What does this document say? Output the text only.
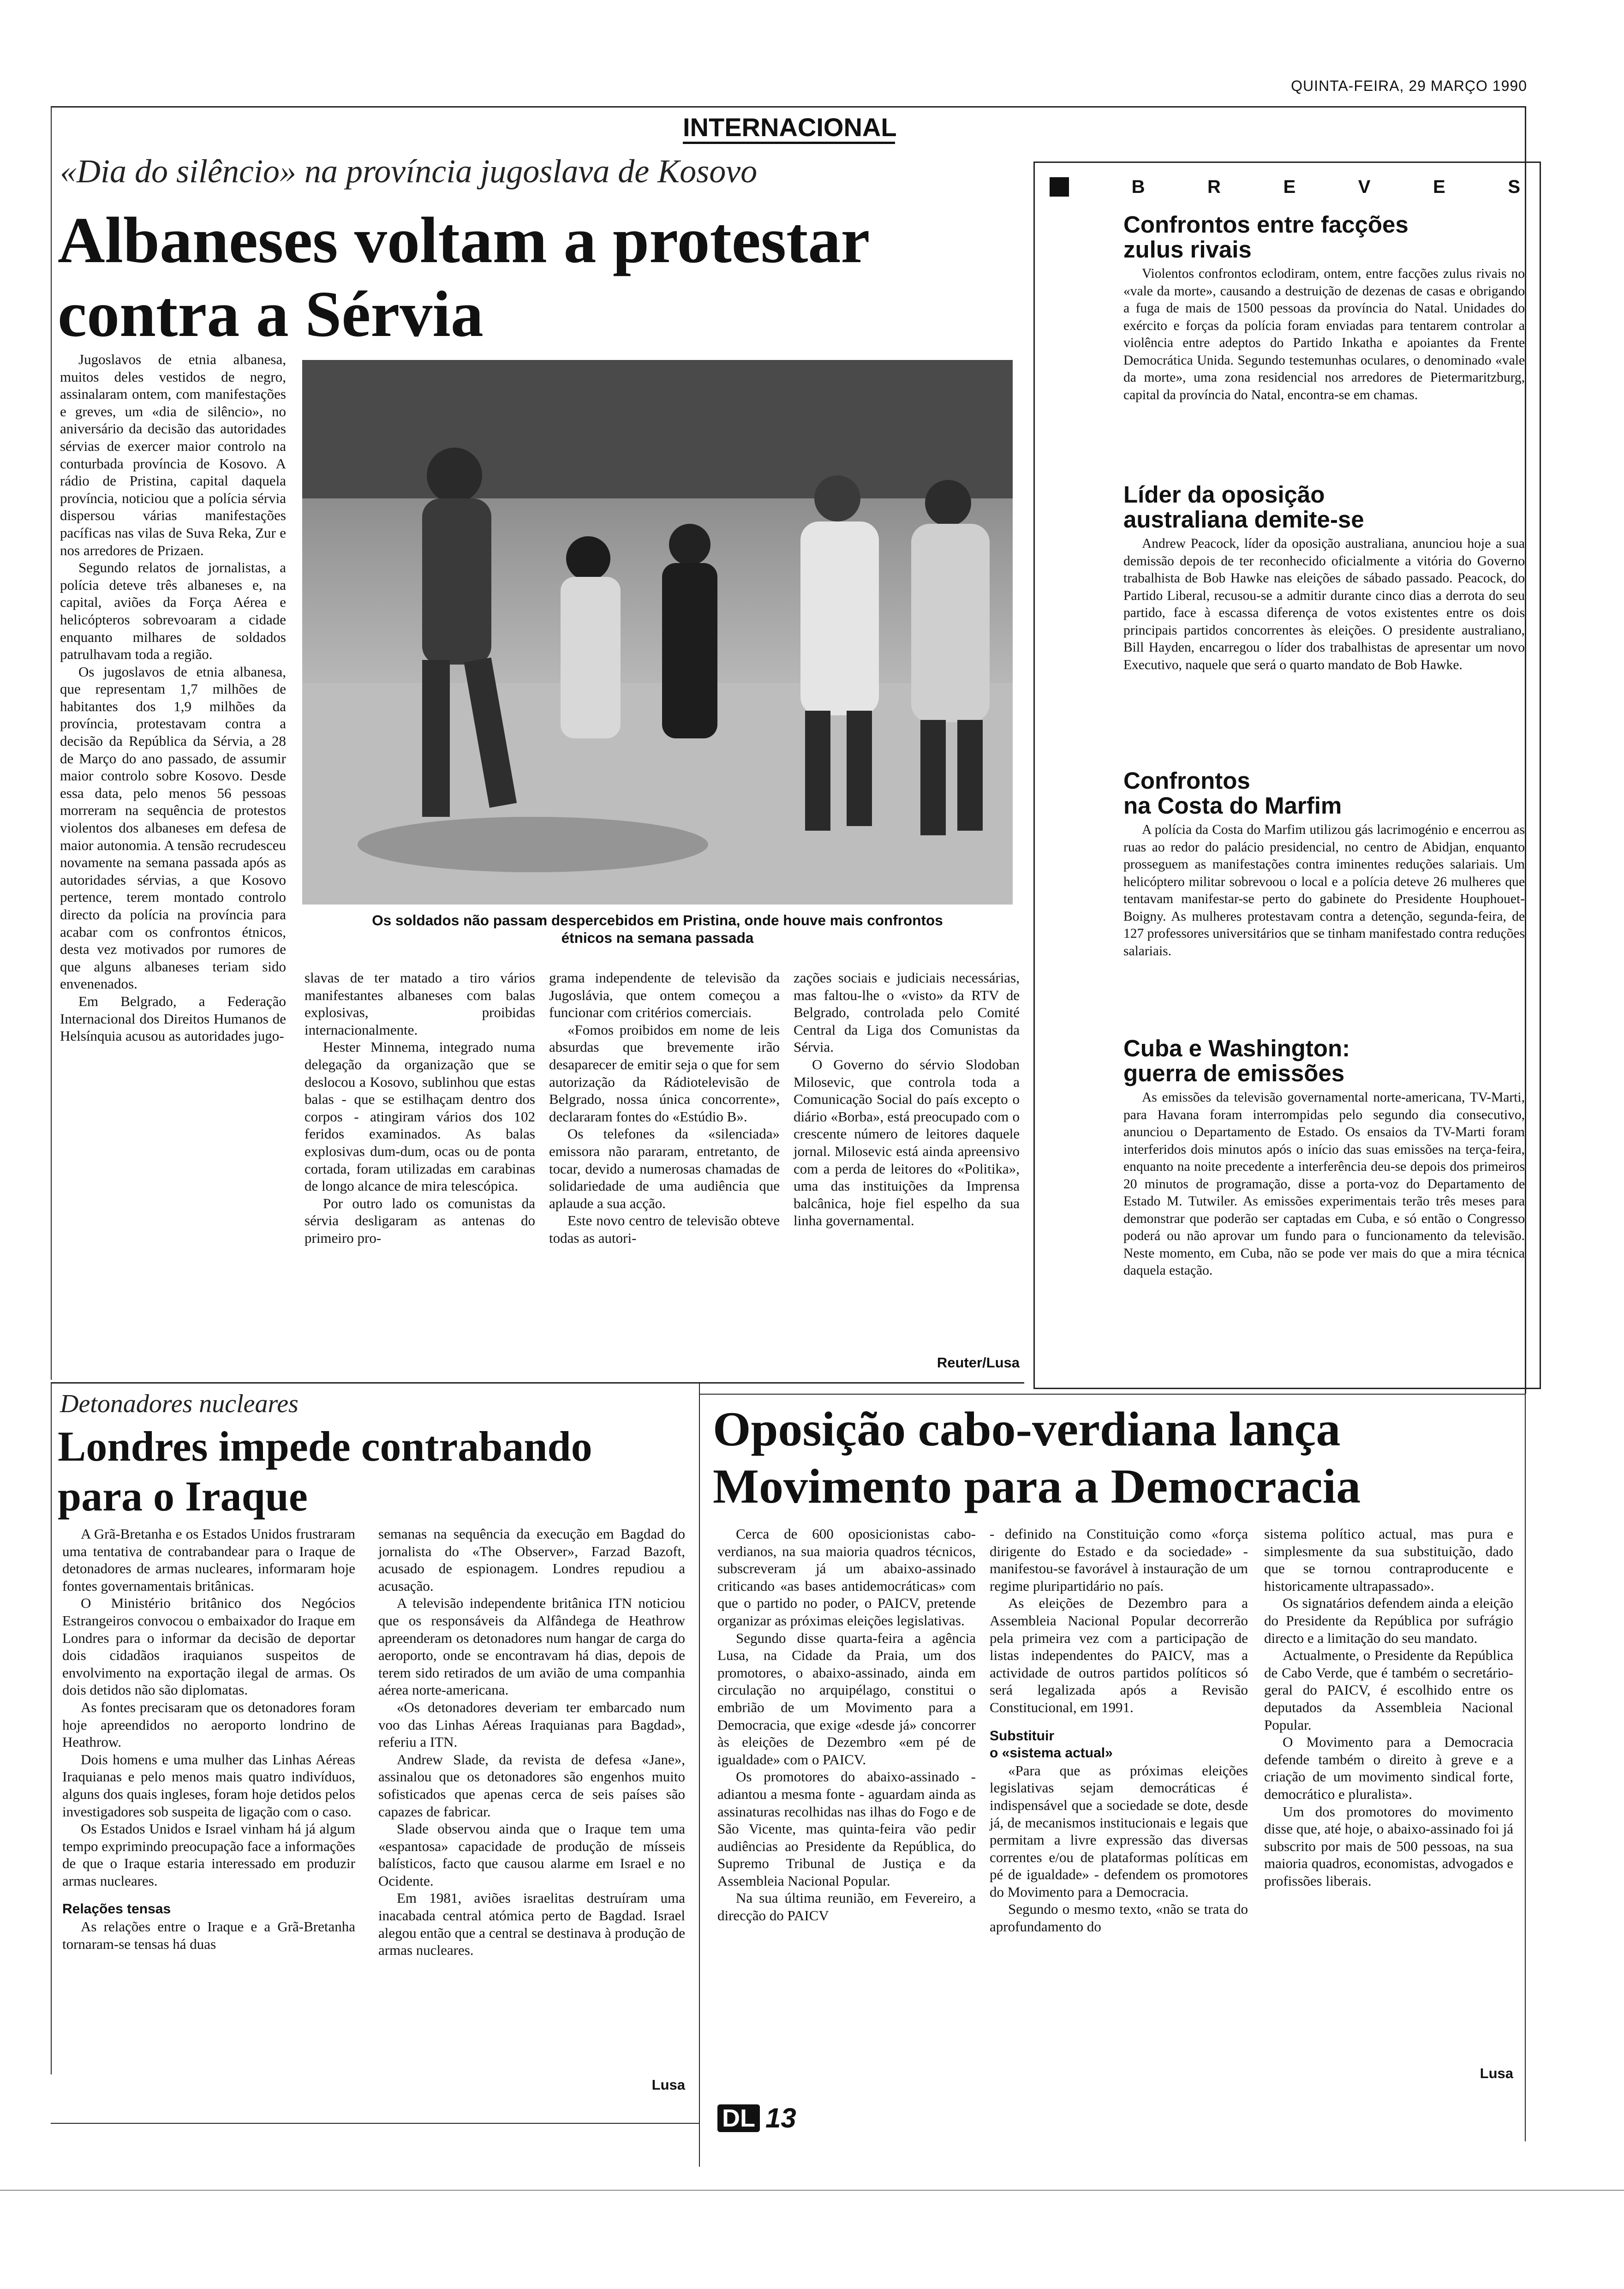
QUINTA-FEIRA, 29 MARÇO 1990
INTERNACIONAL
«Dia do silêncio» na província jugoslava de Kosovo
Albaneses voltam a protestar
contra a Sérvia
Os soldados não passam despercebidos em Pristina, onde houve mais confrontos
étnicos na semana passada

Jugoslavos de etnia albanesa, muitos deles vestidos de negro, assinalaram ontem, com manifestações e greves, um «dia de silêncio», no aniversário da decisão das autoridades sérvias de exercer maior controlo na conturbada província de Kosovo. A rádio de Pristina, capital daquela província, noticiou que a polícia sérvia dispersou várias manifestações pacíficas nas vilas de Suva Reka, Zur e nos arredores de Prizaen.

Segundo relatos de jornalistas, a polícia deteve três albaneses e, na capital, aviões da Força Aérea e helicópteros sobrevoaram a cidade enquanto milhares de soldados patrulhavam toda a região.

Os jugoslavos de etnia albanesa, que representam 1,7 milhões de habitantes dos 1,9 milhões da província, protestavam contra a decisão da República da Sérvia, a 28 de Março do ano passado, de assumir maior controlo sobre Kosovo. Desde essa data, pelo menos 56 pessoas morreram na sequência de protestos violentos dos albaneses em defesa de maior autonomia. A tensão recrudesceu novamente na semana passada após as autoridades sérvias, a que Kosovo pertence, terem montado controlo directo da polícia na província para acabar com os confrontos étnicos, desta vez motivados por rumores de que alguns albaneses teriam sido envenenados.

Em Belgrado, a Federação Internacional dos Direitos Humanos de Helsínquia acusou as autoridades jugo-

slavas de ter matado a tiro vários manifestantes albaneses com balas explosivas, proibidas internacionalmente.

Hester Minnema, integrado numa delegação da organização que se deslocou a Kosovo, sublinhou que estas balas - que se estilhaçam dentro dos corpos - atingiram vários dos 102 feridos examinados. As balas explosivas dum-dum, ocas ou de ponta cortada, foram utilizadas em carabinas de longo alcance de mira telescópica.

Por outro lado os comunistas da sérvia desligaram as antenas do primeiro pro-

grama independente de televisão da Jugoslávia, que ontem começou a funcionar com critérios comerciais.

«Fomos proibidos em nome de leis absurdas que brevemente irão desaparecer de emitir seja o que for sem autorização da Rádiotelevisão de Belgrado, nossa única concorrente», declararam fontes do «Estúdio B».

Os telefones da «silenciada» emissora não pararam, entretanto, de tocar, devido a numerosas chamadas de solidariedade de uma audiência que aplaude a sua acção.

Este novo centro de televisão obteve todas as autori-

zações sociais e judiciais necessárias, mas faltou-lhe o «visto» da RTV de Belgrado, controlada pelo Comité Central da Liga dos Comunistas da Sérvia.

O Governo do sérvio Slodoban Milosevic, que controla toda a Comunicação Social do país excepto o diário «Borba», está preocupado com o crescente número de leitores daquele jornal. Milosevic está ainda apreensivo com a perda de leitores do «Politika», uma das instituições da Imprensa balcânica, hoje fiel espelho da sua linha governamental.

Reuter/Lusa
B	R	E	V	E	S
Confrontos entre facções
zulus rivais

Violentos confrontos eclodiram, ontem, entre facções zulus rivais no «vale da morte», causando a destruição de dezenas de casas e obrigando a fuga de mais de 1500 pessoas da província do Natal. Unidades do exército e forças da polícia foram enviadas para tentarem controlar a violência entre adeptos do Partido Inkatha e apoiantes da Frente Democrática Unida. Segundo testemunhas oculares, o denominado «vale da morte», uma zona residencial nos arredores de Pietermaritzburg, capital da província do Natal, encontra-se em chamas.

Líder da oposição
australiana demite-se

Andrew Peacock, líder da oposição australiana, anunciou hoje a sua demissão depois de ter reconhecido oficialmente a vitória do Governo trabalhista de Bob Hawke nas eleições de sábado passado. Peacock, do Partido Liberal, recusou-se a admitir durante cinco dias a derrota do seu partido, face à escassa diferença de votos existentes entre os dois principais partidos concorrentes às eleições. O presidente australiano, Bill Hayden, encarregou o líder dos trabalhistas de apresentar um novo Executivo, naquele que será o quarto mandato de Bob Hawke.

Confrontos
na Costa do Marfim

A polícia da Costa do Marfim utilizou gás lacrimogénio e encerrou as ruas ao redor do palácio presidencial, no centro de Abidjan, enquanto prosseguem as manifestações contra iminentes reduções salariais. Um helicóptero militar sobrevoou o local e a polícia deteve 26 mulheres que tentavam manifestar-se perto do gabinete do Presidente Houphouet-Boigny. As mulheres protestavam contra a detenção, segunda-feira, de 127 professores universitários que se tinham manifestado contra reduções salariais.

Cuba e Washington:
guerra de emissões

As emissões da televisão governamental norte-americana, TV-Marti, para Havana foram interrompidas pelo segundo dia consecutivo, anunciou o Departamento de Estado. Os ensaios da TV-Marti foram interferidos dois minutos após o início das suas emissões na terça-feira, enquanto na noite precedente a interferência deu-se depois dos primeiros 20 minutos de programação, disse a porta-voz do Departamento de Estado M. Tutwiler. As emissões experimentais terão três meses para demonstrar que poderão ser captadas em Cuba, e só então o Congresso poderá ou não aprovar um fundo para o funcionamento da televisão. Neste momento, em Cuba, não se pode ver mais do que a mira técnica daquela estação.

Detonadores nucleares
Londres impede contrabando
para o Iraque

A Grã-Bretanha e os Estados Unidos frustraram uma tentativa de contrabandear para o Iraque de detonadores de armas nucleares, informaram hoje fontes governamentais britânicas.

O Ministério britânico dos Negócios Estrangeiros convocou o embaixador do Iraque em Londres para o informar da decisão de deportar dois cidadãos iraquianos suspeitos de envolvimento na exportação ilegal de armas. Os dois detidos não são diplomatas.

As fontes precisaram que os detonadores foram hoje apreendidos no aeroporto londrino de Heathrow.

Dois homens e uma mulher das Linhas Aéreas Iraquianas e pelo menos mais quatro indivíduos, alguns dos quais ingleses, foram hoje detidos pelos investigadores sob suspeita de ligação com o caso.

Os Estados Unidos e Israel vinham há já algum tempo exprimindo preocupação face a informações de que o Iraque estaria interessado em produzir armas nucleares.

Relações tensas

As relações entre o Iraque e a Grã-Bretanha tornaram-se tensas há duas

semanas na sequência da execução em Bagdad do jornalista do «The Observer», Farzad Bazoft, acusado de espionagem. Londres repudiou a acusação.

A televisão independente britânica ITN noticiou que os responsáveis da Alfândega de Heathrow apreenderam os detonadores num hangar de carga do aeroporto, onde se encontravam há dias, depois de terem sido retirados de um avião de uma companhia aérea norte-americana.

«Os detonadores deveriam ter embarcado num voo das Linhas Aéreas Iraquianas para Bagdad», referiu a ITN.

Andrew Slade, da revista de defesa «Jane», assinalou que os detonadores são engenhos muito sofisticados que apenas cerca de seis países são capazes de fabricar.

Slade observou ainda que o Iraque tem uma «espantosa» capacidade de produção de mísseis balísticos, facto que causou alarme em Israel e no Ocidente.

Em 1981, aviões israelitas destruíram uma inacabada central atómica perto de Bagdad. Israel alegou então que a central se destinava à produção de armas nucleares.

Lusa
Oposição cabo-verdiana lança
Movimento para a Democracia

Cerca de 600 oposicionistas cabo-verdianos, na sua maioria quadros técnicos, subscreveram já um abaixo-assinado criticando «as bases antidemocráticas» com que o partido no poder, o PAICV, pretende organizar as próximas eleições legislativas.

Segundo disse quarta-feira a agência Lusa, na Cidade da Praia, um dos promotores, o abaixo-assinado, ainda em circulação no arquipélago, constitui o embrião de um Movimento para a Democracia, que exige «desde já» concorrer às eleições de Dezembro «em pé de igualdade» com o PAICV.

Os promotores do abaixo-assinado - adiantou a mesma fonte - aguardam ainda as assinaturas recolhidas nas ilhas do Fogo e de São Vicente, mas quinta-feira vão pedir audiências ao Presidente da República, do Supremo Tribunal de Justiça e da Assembleia Nacional Popular.

Na sua última reunião, em Fevereiro, a direcção do PAICV

- definido na Constituição como «força dirigente do Estado e da sociedade» - manifestou-se favorável à instauração de um regime pluripartidário no país.

As eleições de Dezembro para a Assembleia Nacional Popular decorrerão pela primeira vez com a participação de listas independentes do PAICV, mas a actividade de outros partidos políticos só será legalizada após a Revisão Constitucional, em 1991.

Substituir
o «sistema actual»

«Para que as próximas eleições legislativas sejam democráticas é indispensável que a sociedade se dote, desde já, de mecanismos institucionais e legais que permitam a livre expressão das diversas correntes e/ou de plataformas políticas em pé de igualdade» - defendem os promotores do Movimento para a Democracia.

Segundo o mesmo texto, «não se trata do aprofundamento do

sistema político actual, mas pura e simplesmente da sua substituição, dado que se tornou contraproducente e historicamente ultrapassado».

Os signatários defendem ainda a eleição do Presidente da República por sufrágio directo e a limitação do seu mandato.

Actualmente, o Presidente da República de Cabo Verde, que é também o secretário-geral do PAICV, é escolhido entre os deputados da Assembleia Nacional Popular.

O Movimento para a Democracia defende também o direito à greve e a criação de um movimento sindical forte, democrático e pluralista».

Um dos promotores do movimento disse que, até hoje, o abaixo-assinado foi já subscrito por mais de 500 pessoas, na sua maioria quadros, economistas, advogados e profissões liberais.

Lusa
DL 13
